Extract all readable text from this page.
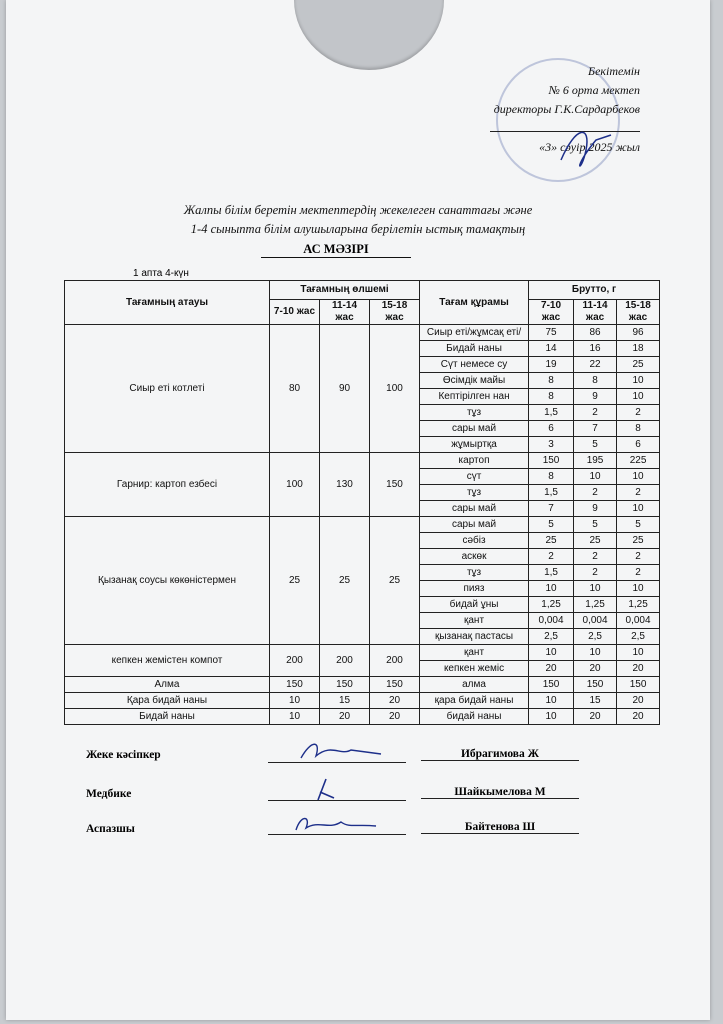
Бекітемін
№ 6 орта мектеп
директоры Г.К.Сардарбеков
«3» сәуір 2025 жыл
Жалпы білім беретін мектептердің жекелеген санаттағы және
1-4 сыныпта білім алушыларына берілетін ыстық тамақтың
АС МӘЗІРІ
1 апта 4-күн
Тағамның атауы	Тағамның өлшемі			Тағам құрамы	Брутто, г		
	7-10 жас	11-14 жас	15-18 жас		7-10 жас	11-14 жас	15-18 жас
Сиыр еті котлеті	80	90	100	Сиыр еті/жұмсақ еті/	75	86	96
				Бидай наны	14	16	18
				Сүт немесе су	19	22	25
				Өсімдік майы	8	8	10
				Кептірілген нан	8	9	10
				тұз	1,5	2	2
				сары май	6	7	8
				жұмыртқа	3	5	6
Гарнир: картоп езбесі	100	130	150	картоп	150	195	225
				сүт	8	10	10
				тұз	1,5	2	2
				сары май	7	9	10
Қызанақ соусы көкөністермен	25	25	25	сары май	5	5	5
				сәбіз	25	25	25
				аскөк	2	2	2
				тұз	1,5	2	2
				пияз	10	10	10
				бидай ұны	1,25	1,25	1,25
				қант	0,004	0,004	0,004
				қызанақ пастасы	2,5	2,5	2,5
кепкен жемістен компот	200	200	200	қант	10	10	10
				кепкен жеміс	20	20	20
Алма	150	150	150	алма	150	150	150
Қара бидай наны	10	15	20	қара бидай наны	10	15	20
Бидай наны	10	20	20	бидай наны	10	20	20
Жеке кәсіпкер	Ибрагимова Ж
Медбике	Шайкымелова М
Аспазшы	Байтенова Ш
